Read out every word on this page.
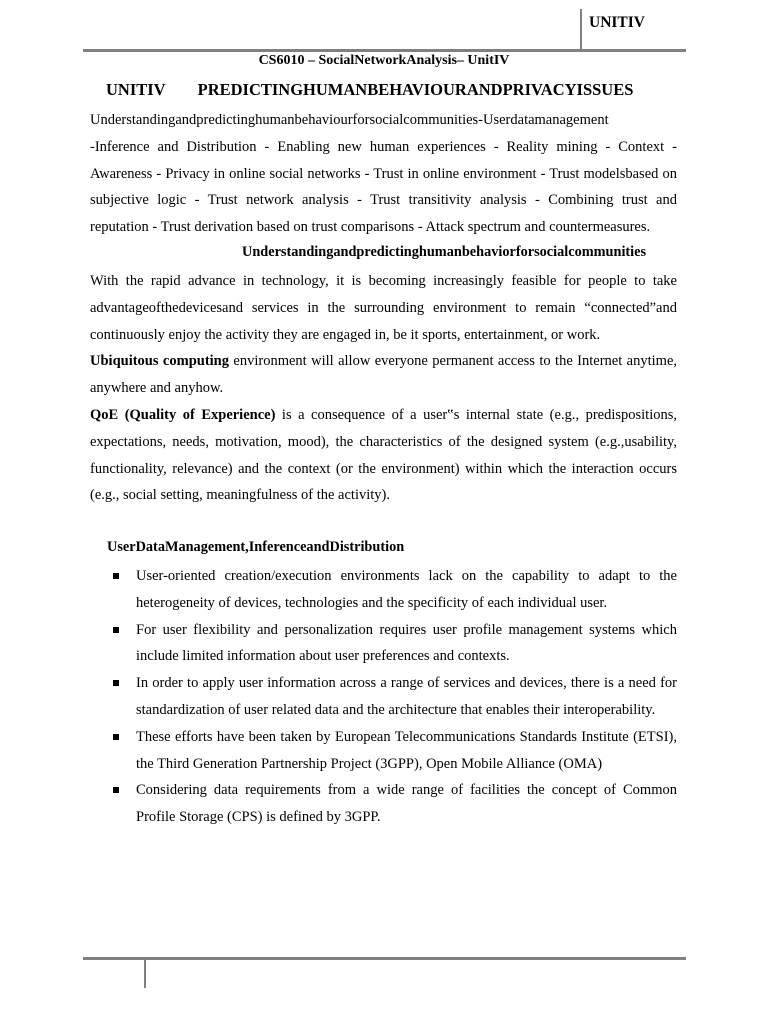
UNITIV
CS6010 – SocialNetworkAnalysis– UnitIV
UNITIV PREDICTINGHUMANBEHAVIOURANDPRIVACYISSUES
Understandingandpredictinghumanbehaviourforsocialcommunities-Userdatamanagement
-Inference and Distribution - Enabling new human experiences - Reality mining - Context -Awareness - Privacy in online social networks - Trust in online environment - Trust modelsbased on subjective logic - Trust network analysis - Trust transitivity analysis - Combining trust and reputation - Trust derivation based on trust comparisons - Attack spectrum and countermeasures.
Understandingandpredictinghumanbehaviorforsocialcommunities
With the rapid advance in technology, it is becoming increasingly feasible for people to take advantageofthedevicesand services in the surrounding environment to remain “connected”and continuously enjoy the activity they are engaged in, be it sports, entertainment, or work.
Ubiquitous computing environment will allow everyone permanent access to the Internet anytime, anywhere and anyhow.
QoE (Quality of Experience) is a consequence of a user‟s internal state (e.g., predispositions, expectations, needs, motivation, mood), the characteristics of the designed system (e.g.,usability, functionality, relevance) and the context (or the environment) within which the interaction occurs (e.g., social setting, meaningfulness of the activity).
UserDataManagement,InferenceandDistribution
User-oriented creation/execution environments lack on the capability to adapt to the heterogeneity of devices, technologies and the specificity of each individual user.
For user flexibility and personalization requires user profile management systems which include limited information about user preferences and contexts.
In order to apply user information across a range of services and devices, there is a need for standardization of user related data and the architecture that enables their interoperability.
These efforts have been taken by European Telecommunications Standards Institute (ETSI), the Third Generation Partnership Project (3GPP), Open Mobile Alliance (OMA)
Considering data requirements from a wide range of facilities the concept of Common Profile Storage (CPS) is defined by 3GPP.
